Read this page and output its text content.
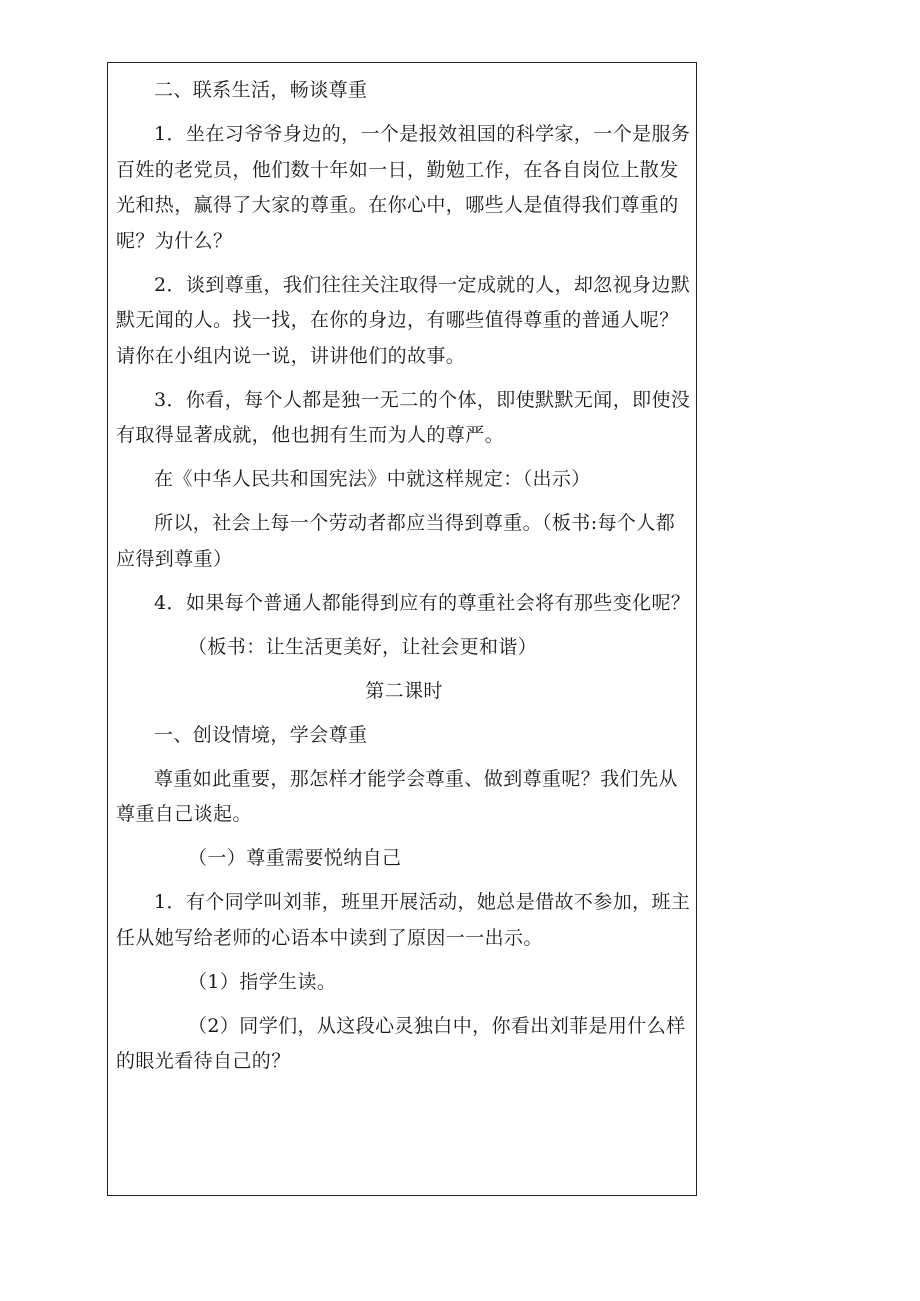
二、联系生活，畅谈尊重

1．坐在习爷爷身边的，一个是报效祖国的科学家，一个是服务百姓的老党员，他们数十年如一日，勤勉工作，在各自岗位上散发光和热，赢得了大家的尊重。在你心中，哪些人是值得我们尊重的呢？为什么？

2．谈到尊重，我们往往关注取得一定成就的人，却忽视身边默默无闻的人。找一找，在你的身边，有哪些值得尊重的普通人呢？请你在小组内说一说，讲讲他们的故事。

3．你看，每个人都是独一无二的个体，即使默默无闻，即使没有取得显著成就，他也拥有生而为人的尊严。

在《中华人民共和国宪法》中就这样规定：（出示）

所以，社会上每一个劳动者都应当得到尊重。（板书:每个人都应得到尊重）

4．如果每个普通人都能得到应有的尊重社会将有那些变化呢？

（板书：让生活更美好，让社会更和谐）

第二课时

一、创设情境，学会尊重

尊重如此重要，那怎样才能学会尊重、做到尊重呢？我们先从尊重自己谈起。

（一）尊重需要悦纳自己

1．有个同学叫刘菲，班里开展活动，她总是借故不参加，班主任从她写给老师的心语本中读到了原因一一出示。

（1）指学生读。

（2）同学们，从这段心灵独白中，你看出刘菲是用什么样的眼光看待自己的？
